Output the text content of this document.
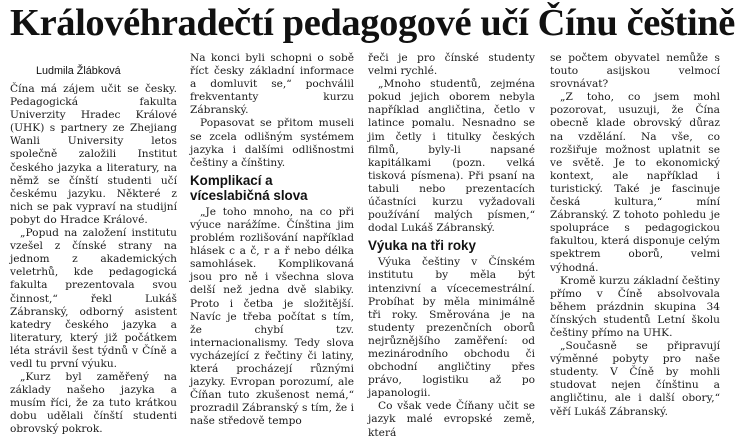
Královéhradečtí pedagogové učí Čínu češtině
Ludmila Žlábková

Čína má zájem učit se česky. Pedagogická fakulta Univerzity Hradec Králové (UHK) s partnery ze Zhejiang Wanli University letos společně založili Institut českého jazyka a literatury, na němž se čínští studenti učí českému jazyku. Některé z nich se pak vypraví na studijní pobyt do Hradce Králové.

„Popud na založení institutu vzešel z čínské strany na jednom z akademických veletrhů, kde pedagogická fakulta prezentovala svou činnost,“ řekl Lukáš Zábranský, odborný asistent katedry českého jazyka a literatury, který již počátkem léta strávil šest týdnů v Číně a vedl tu první výuku.

„Kurz byl zaměřený na základy našeho jazyka a musím říci, že za tuto krátkou dobu udělali čínští studenti obrovský pokrok.

Na konci byli schopni o sobě říct česky základní informace a domluvit se,“ pochválil frekventanty kurzu Zábranský.

Popasovat se přitom museli se zcela odlišným systémem jazyka i dalšími odlišnostmi češtiny a čínštiny.

Komplikací a víceslabičná slova

„Je toho mnoho, na co při výuce narážíme. Čínština jim problém rozlišování například hlásek c a č, r a ř nebo délka samohlásek. Komplikovaná jsou pro ně i všechna slova delší než jedna dvě slabiky. Proto i četba je složitější. Navíc je třeba počítat s tím, že chybí tzv. internacionalismy. Tedy slova vycházející z řečtiny či latiny, která procházejí různými jazyky. Evropan porozumí, ale Číňan tuto zkušenost nemá,“ prozradil Zábranský s tím, že i naše středově tempo

řeči je pro čínské studenty velmi rychlé.

„Mnoho studentů, zejména pokud jejich oborem nebyla například angličtina, četlo v latince pomalu. Nesnadno se jim četly i titulky českých filmů, byly-li napsané kapitálkami (pozn. velká tisková písmena). Při psaní na tabuli nebo prezentacích účastníci kurzu vyžadovali používání malých písmen,“ dodal Lukáš Zábranský.

Výuka na tři roky

Výuka češtiny v Čínském institutu by měla být intenzivní a víceсеmestrální. Probíhat by měla minimálně tři roky. Směrována je na studenty prezenčních oborů nejrůznějšího zaměření: od mezinárodního obchodu či obchodní angličtiny přes právo, logistiku až po japanologii.

Co však vede Číňany učit se jazyk malé evropské země, která

se počtem obyvatel nemůže s touto asijskou velmocí srovnávat?

„Z toho, co jsem mohl pozorovat, usuzuji, že Čína obecně klade obrovský důraz na vzdělání. Na vše, co rozšiřuje možnost uplatnit se ve světě. Je to ekonomický kontext, ale například i turistický. Také je fascinuje česká kultura,“ míní Zábranský. Z tohoto pohledu je spolupráce s pedagogickou fakultou, která disponuje celým spektrem oborů, velmi výhodná.

Kromě kurzu základní češtiny přímo v Číně absolvovala během prázdnin skupina 34 čínských studentů Letní školu češtiny přímo na UHK.

„Současně se připravují výměnné pobyty pro naše studenty. V Číně by mohli studovat nejen čínštinu a angličtinu, ale i další obory,“ věří Lukáš Zábranský.
